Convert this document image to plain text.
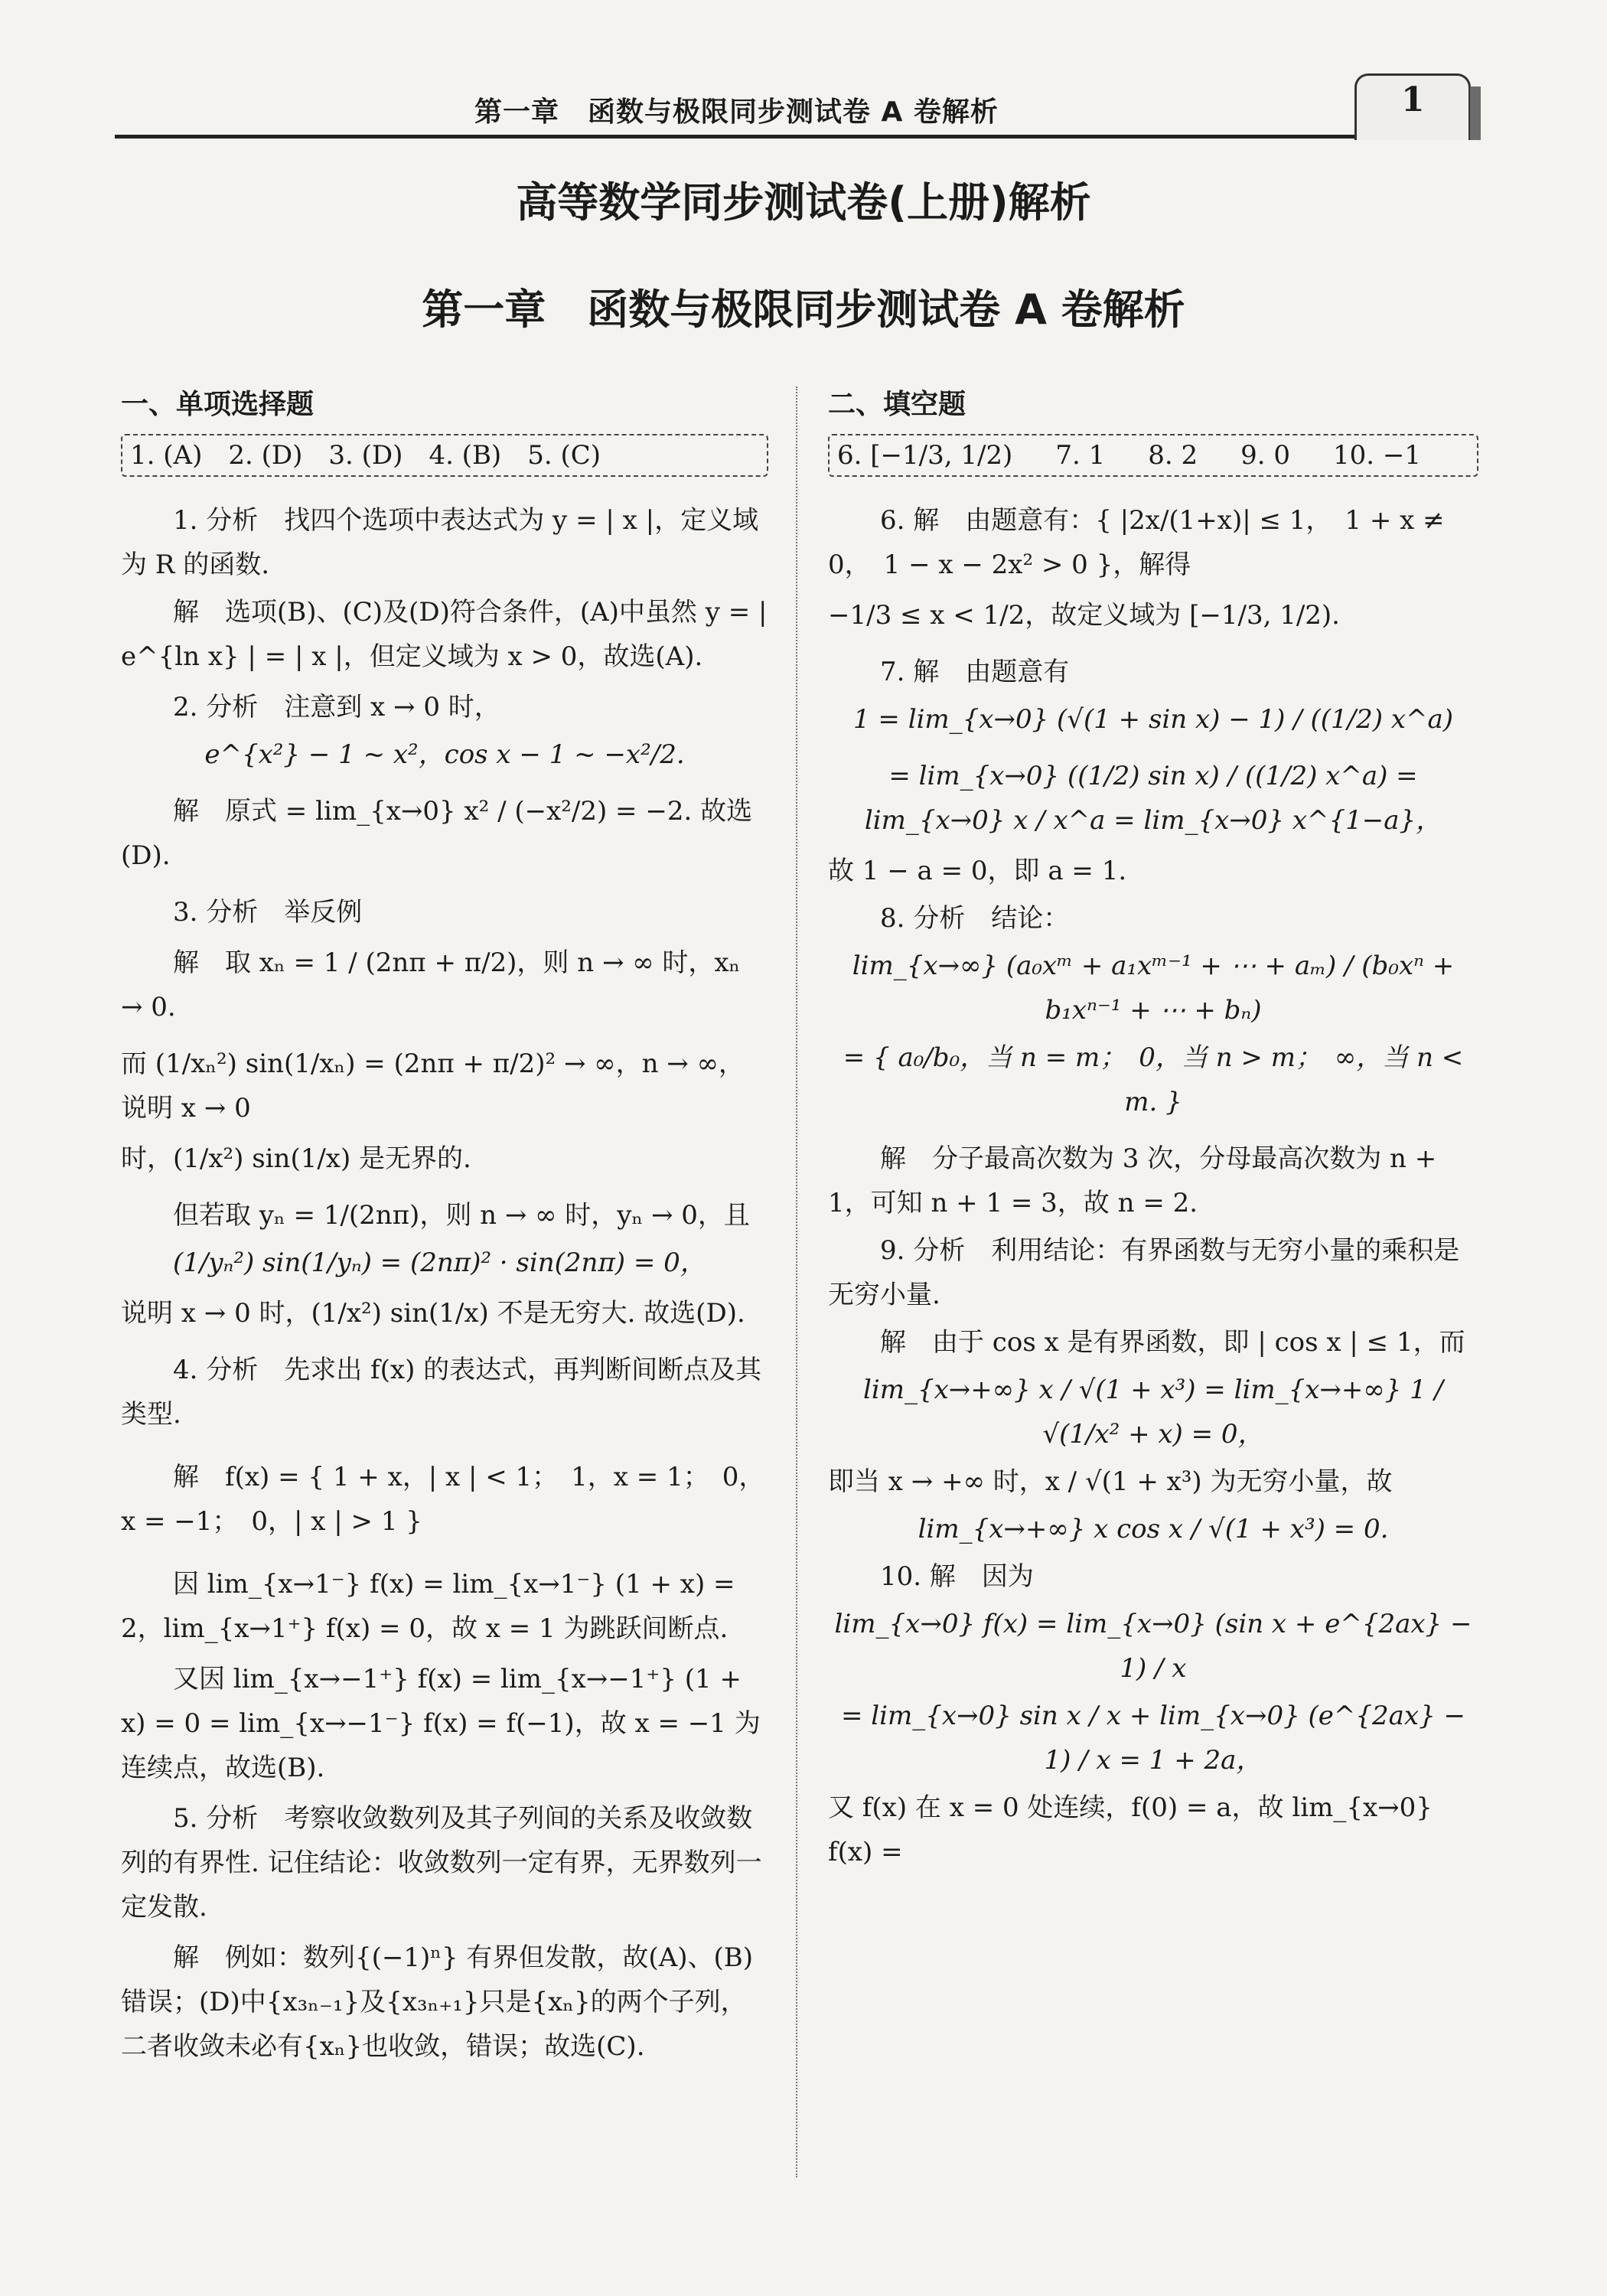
第一章　函数与极限同步测试卷 A 卷解析	1
高等数学同步测试卷(上册)解析
第一章　函数与极限同步测试卷 A 卷解析
一、单项选择题
1. (A) 2. (D) 3. (D) 4. (B) 5. (C)
1. 分析　找四个选项中表达式为 y = | x |，定义域为 R 的函数.
解　选项(B)、(C)及(D)符合条件，(A)中虽然 y = | e^{ln x} | = | x |，但定义域为 x > 0，故选(A).
2. 分析　注意到 x → 0 时，
e^{x²} − 1 ~ x²，cos x − 1 ~ −x²/2.
解　原式 = lim_{x→0} x² / (−x²/2) = −2. 故选(D).
3. 分析　举反例
解　取 xₙ = 1 / (2nπ + π/2)，则 n → ∞ 时，xₙ → 0.
而 (1/xₙ²) sin(1/xₙ) = (2nπ + π/2)² → ∞，n → ∞，说明 x → 0
时，(1/x²) sin(1/x) 是无界的.
但若取 yₙ = 1/(2nπ)，则 n → ∞ 时，yₙ → 0，且
(1/yₙ²) sin(1/yₙ) = (2nπ)² · sin(2nπ) = 0，
说明 x → 0 时，(1/x²) sin(1/x) 不是无穷大. 故选(D).
4. 分析　先求出 f(x) 的表达式，再判断间断点及其类型.
解　f(x) = { 1 + x，| x | < 1；　1，x = 1；　0，x = −1；　0，| x | > 1 }
因 lim_{x→1⁻} f(x) = lim_{x→1⁻} (1 + x) = 2，lim_{x→1⁺} f(x) = 0，故 x = 1 为跳跃间断点.
又因 lim_{x→−1⁺} f(x) = lim_{x→−1⁺} (1 + x) = 0 = lim_{x→−1⁻} f(x) = f(−1)，故 x = −1 为连续点，故选(B).
5. 分析　考察收敛数列及其子列间的关系及收敛数列的有界性. 记住结论：收敛数列一定有界，无界数列一定发散.
解　例如：数列{(−1)ⁿ} 有界但发散，故(A)、(B)错误；(D)中{x₃ₙ₋₁}及{x₃ₙ₊₁}只是{xₙ}的两个子列，二者收敛未必有{xₙ}也收敛，错误；故选(C).
二、填空题
6. [−1/3, 1/2) 7. 1 8. 2 9. 0 10. −1
6. 解　由题意有：{ |2x/(1+x)| ≤ 1，　1 + x ≠ 0，　1 − x − 2x² > 0 }，解得
−1/3 ≤ x < 1/2，故定义域为 [−1/3, 1/2).
7. 解　由题意有
1 = lim_{x→0} (√(1 + sin x) − 1) / ((1/2) x^a)
= lim_{x→0} ((1/2) sin x) / ((1/2) x^a) = lim_{x→0} x / x^a = lim_{x→0} x^{1−a}，
故 1 − a = 0，即 a = 1.
8. 分析　结论：
lim_{x→∞} (a₀xᵐ + a₁xᵐ⁻¹ + ⋯ + aₘ) / (b₀xⁿ + b₁xⁿ⁻¹ + ⋯ + bₙ)
= { a₀/b₀，当 n = m；　0，当 n > m；　∞，当 n < m. }
解　分子最高次数为 3 次，分母最高次数为 n + 1，可知 n + 1 = 3，故 n = 2.
9. 分析　利用结论：有界函数与无穷小量的乘积是无穷小量.
解　由于 cos x 是有界函数，即 | cos x | ≤ 1，而
lim_{x→+∞} x / √(1 + x³) = lim_{x→+∞} 1 / √(1/x² + x) = 0，
即当 x → +∞ 时，x / √(1 + x³) 为无穷小量，故
lim_{x→+∞} x cos x / √(1 + x³) = 0.
10. 解　因为
lim_{x→0} f(x) = lim_{x→0} (sin x + e^{2ax} − 1) / x
= lim_{x→0} sin x / x + lim_{x→0} (e^{2ax} − 1) / x = 1 + 2a，
又 f(x) 在 x = 0 处连续，f(0) = a，故 lim_{x→0} f(x) =
